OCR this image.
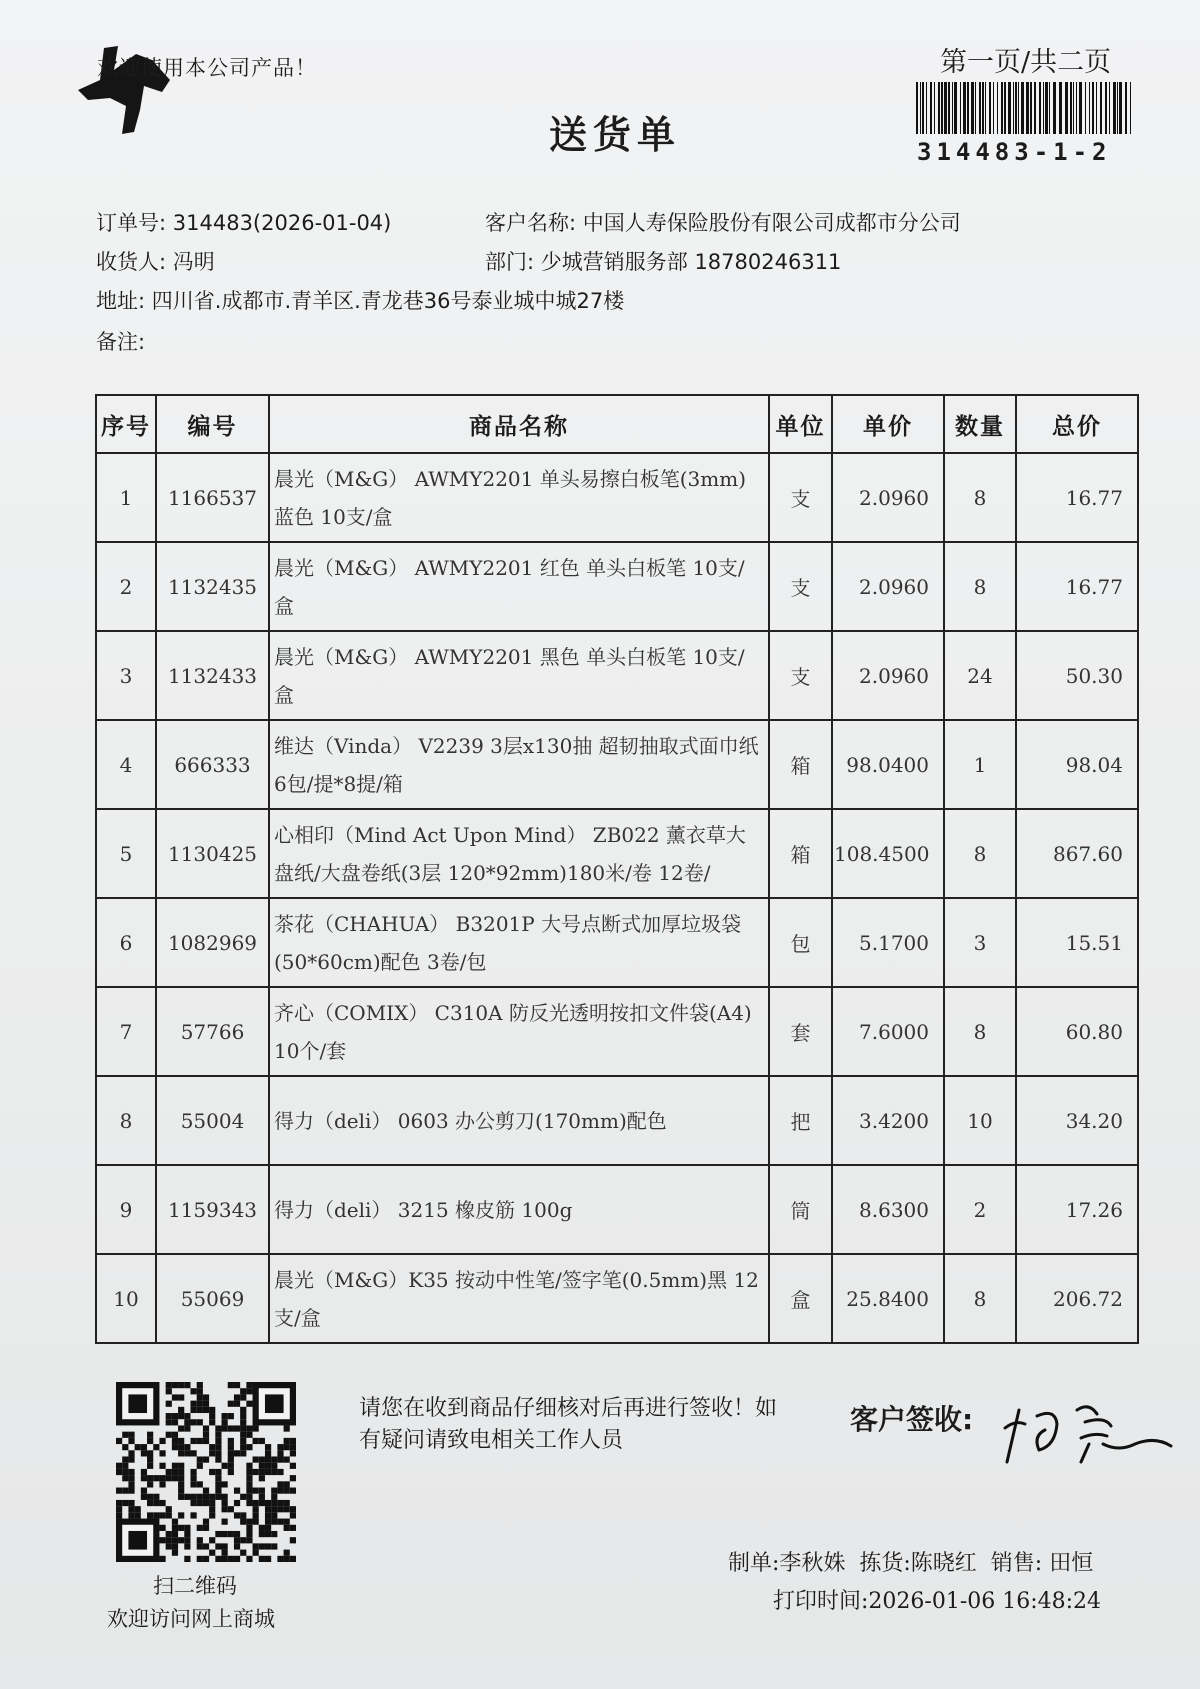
欢迎使用本公司产品！
送货单
第一页/共二页
314483-1-2
订单号: 314483(2026-01-04)	客户名称: 中国人寿保险股份有限公司成都市分公司
收货人: 冯明	部门: 少城营销服务部 18780246311
地址: 四川省.成都市.青羊区.青龙巷36号泰业城中城27楼
备注:
序号	编号	商品名称	单位	单价	数量	总价
1	1166537	晨光（M&G） AWMY2201 单头易擦白板笔(3mm)蓝色 10支/盒	支	2.0960	8	16.77
2	1132435	晨光（M&G） AWMY2201 红色 单头白板笔 10支/盒	支	2.0960	8	16.77
3	1132433	晨光（M&G） AWMY2201 黑色 单头白板笔 10支/盒	支	2.0960	24	50.30
4	666333	维达（Vinda） V2239 3层x130抽 超韧抽取式面巾纸 6包/提*8提/箱	箱	98.0400	1	98.04
5	1130425	心相印（Mind Act Upon Mind） ZB022 薰衣草大盘纸/大盘卷纸(3层 120*92mm)180米/卷 12卷/	箱	108.4500	8	867.60
6	1082969	茶花（CHAHUA） B3201P 大号点断式加厚垃圾袋(50*60cm)配色 3卷/包	包	5.1700	3	15.51
7	57766	齐心（COMIX） C310A 防反光透明按扣文件袋(A4) 10个/套	套	7.6000	8	60.80
8	55004	得力（deli） 0603 办公剪刀(170mm)配色	把	3.4200	10	34.20
9	1159343	得力（deli） 3215 橡皮筋 100g	筒	8.6300	2	17.26
10	55069	晨光（M&G）K35 按动中性笔/签字笔(0.5mm)黑 12支/盒	盒	25.8400	8	206.72
扫二维码
欢迎访问网上商城
请您在收到商品仔细核对后再进行签收！如有疑问请致电相关工作人员
客户签收:
制单:李秋姝  拣货:陈晓红  销售: 田恒
打印时间:2026-01-06 16:48:24
